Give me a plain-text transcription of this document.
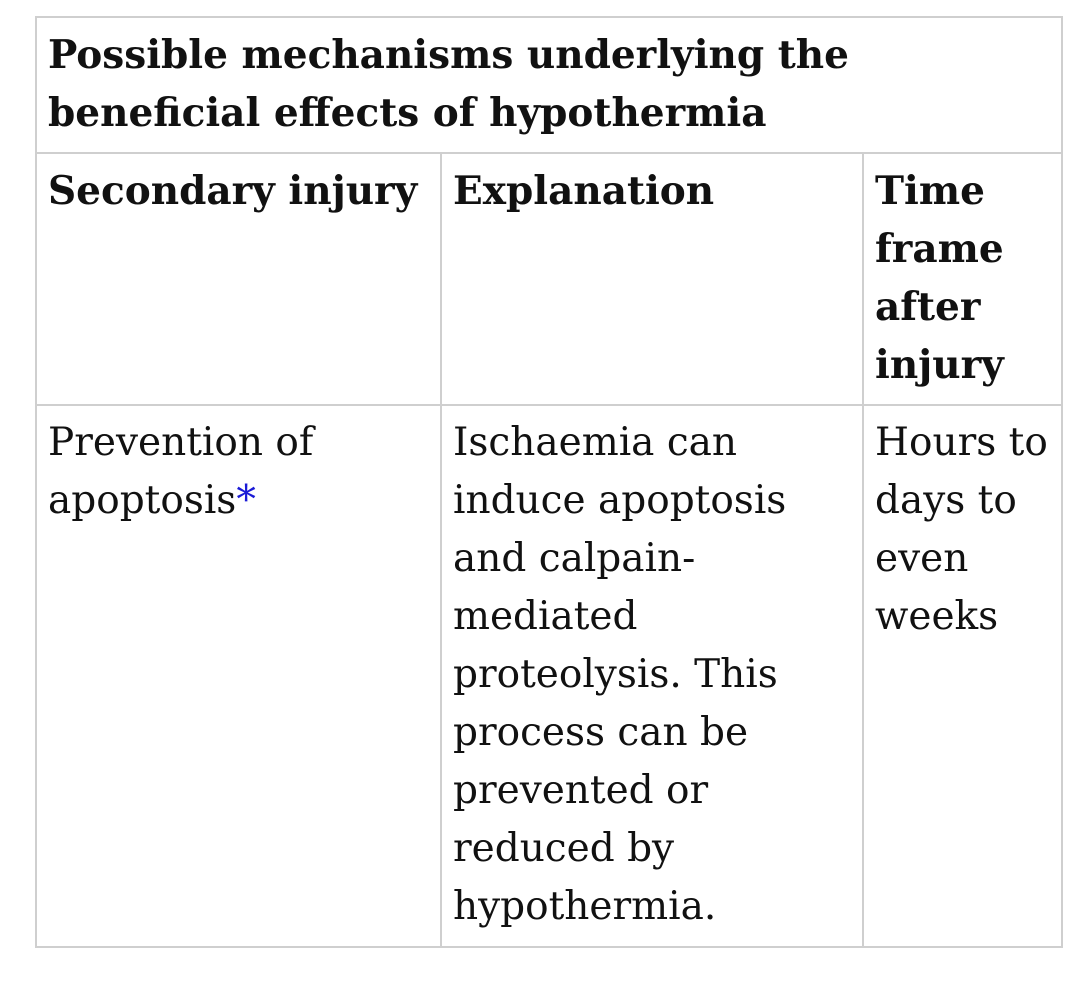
Possible mechanisms underlying the beneficial effects of hypothermia		
Secondary injury	Explanation	Time frame after injury
Prevention of apoptosis*	Ischaemia can induce apoptosis and calpain-mediated proteolysis. This process can be prevented or reduced by hypothermia.	Hours to days to even weeks
